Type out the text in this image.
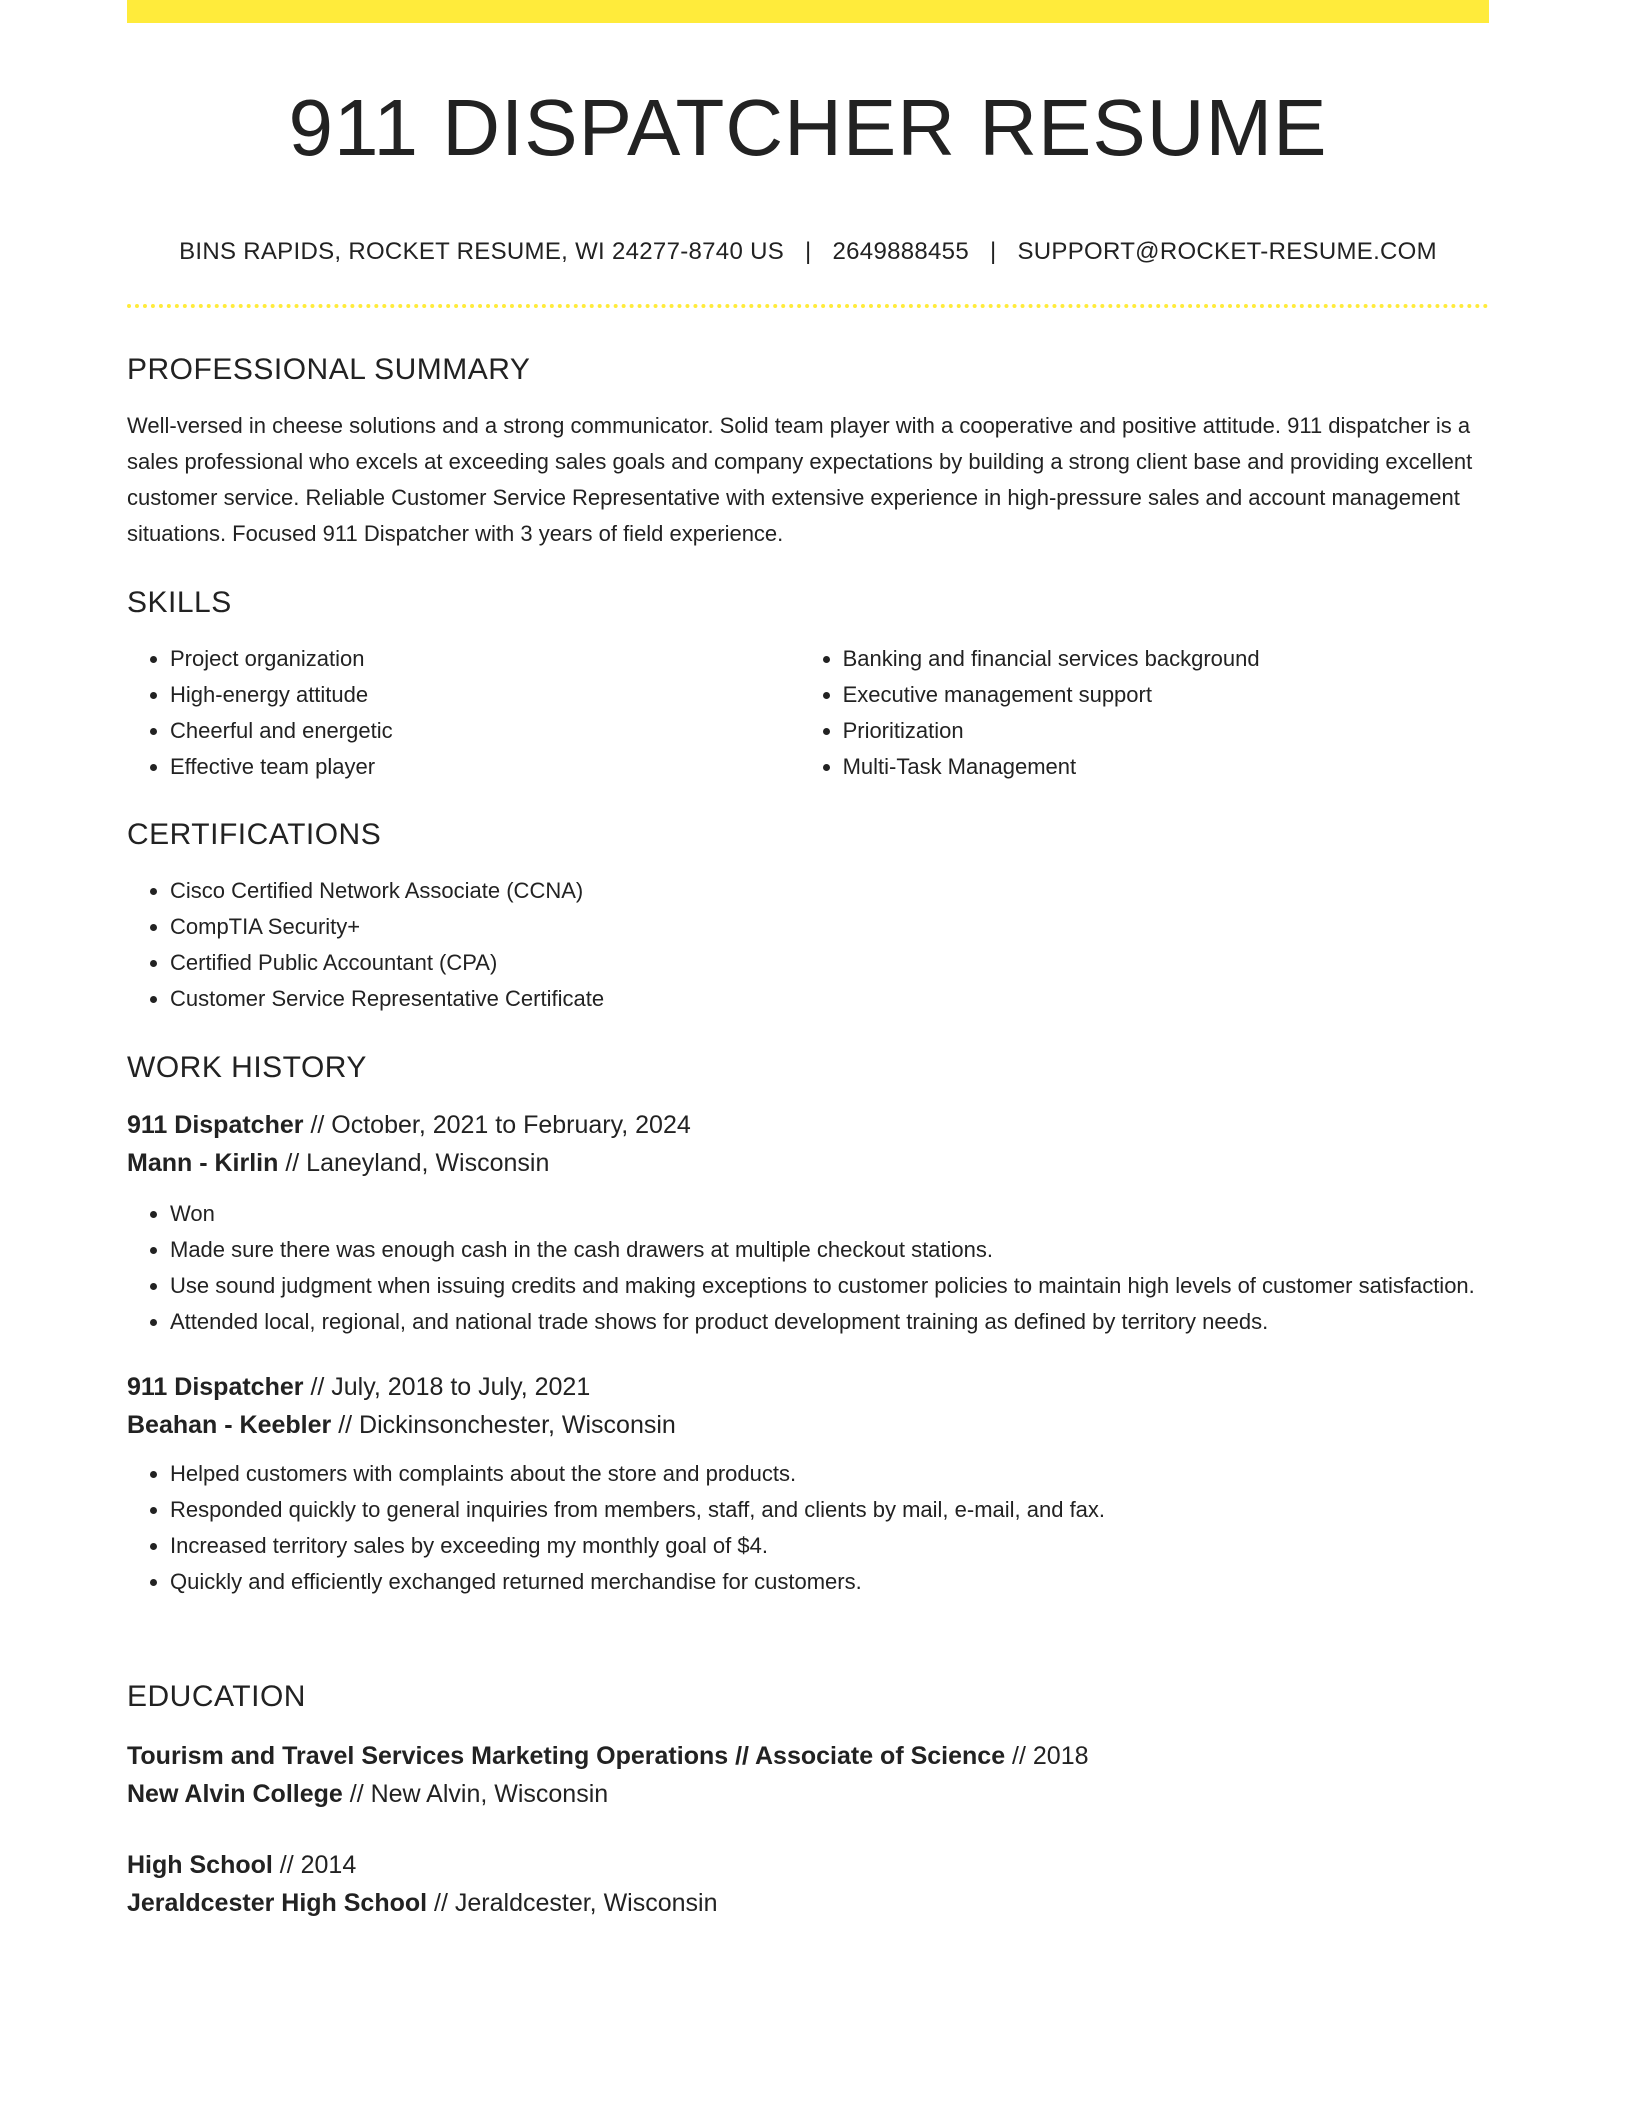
911 DISPATCHER RESUME
BINS RAPIDS, ROCKET RESUME, WI 24277-8740 US | 2649888455 | SUPPORT@ROCKET-RESUME.COM
PROFESSIONAL SUMMARY

Well-versed in cheese solutions and a strong communicator. Solid team player with a cooperative and positive attitude. 911 dispatcher is a sales professional who excels at exceeding sales goals and company expectations by building a strong client base and providing excellent customer service. Reliable Customer Service Representative with extensive experience in high-pressure sales and account management situations. Focused 911 Dispatcher with 3 years of field experience.

SKILLS
• Project organization
• High-energy attitude
• Cheerful and energetic
• Effective team player
• Banking and financial services background
• Executive management support
• Prioritization
• Multi-Task Management
CERTIFICATIONS
• Cisco Certified Network Associate (CCNA)
• CompTIA Security+
• Certified Public Accountant (CPA)
• Customer Service Representative Certificate
WORK HISTORY

911 Dispatcher // October, 2021 to February, 2024

Mann - Kirlin // Laneyland, Wisconsin

• Won
• Made sure there was enough cash in the cash drawers at multiple checkout stations.
• Use sound judgment when issuing credits and making exceptions to customer policies to maintain high levels of customer satisfaction.
• Attended local, regional, and national trade shows for product development training as defined by territory needs.

911 Dispatcher // July, 2018 to July, 2021

Beahan - Keebler // Dickinsonchester, Wisconsin

• Helped customers with complaints about the store and products.
• Responded quickly to general inquiries from members, staff, and clients by mail, e-mail, and fax.
• Increased territory sales by exceeding my monthly goal of $4.
• Quickly and efficiently exchanged returned merchandise for customers.
EDUCATION

Tourism and Travel Services Marketing Operations // Associate of Science // 2018

New Alvin College // New Alvin, Wisconsin

High School // 2014

Jeraldcester High School // Jeraldcester, Wisconsin
